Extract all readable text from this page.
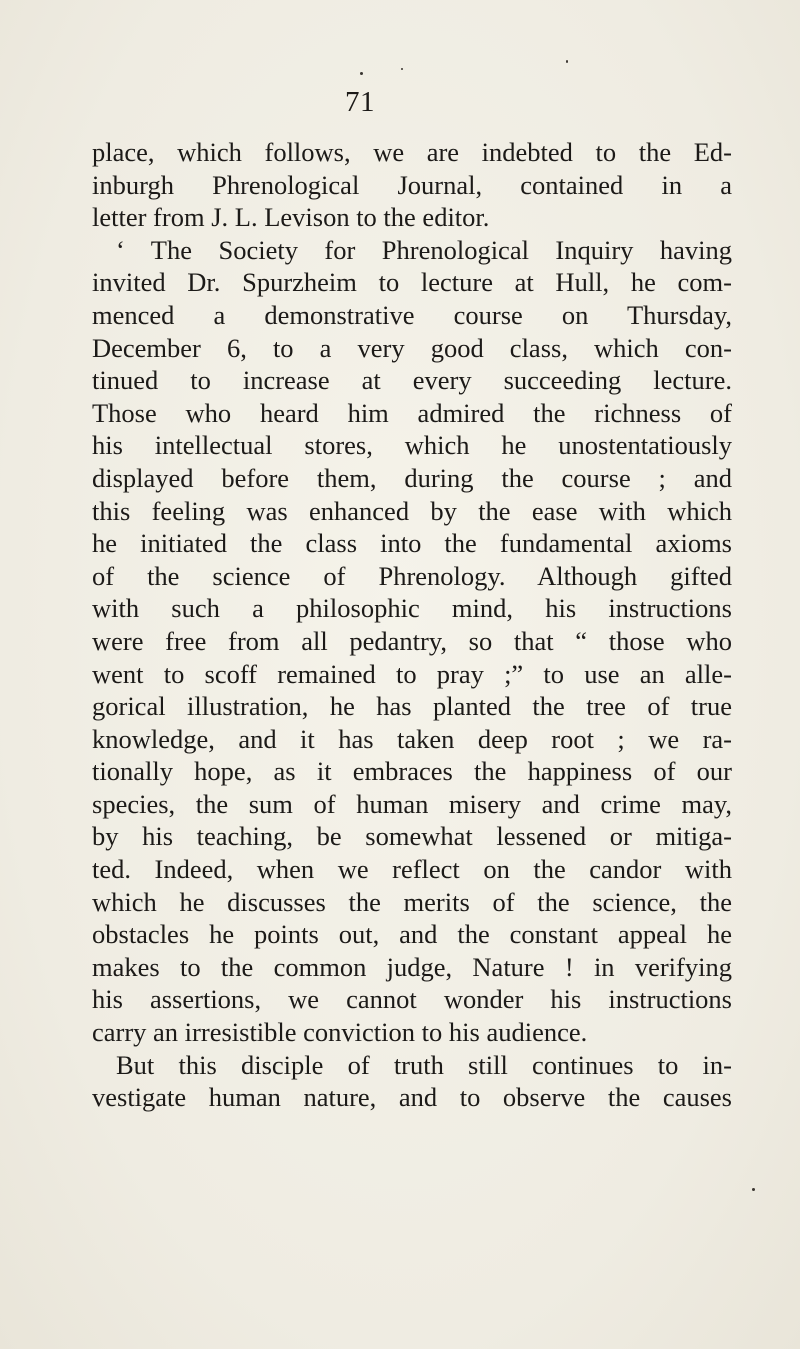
71
place, which follows, we are indebted to the Ed-
inburgh Phrenological Journal, contained in a
letter from J. L. Levison to the editor.
‘ The Society for Phrenological Inquiry having
invited Dr. Spurzheim to lecture at Hull, he com-
menced a demonstrative course on Thursday,
December 6, to a very good class, which con-
tinued to increase at every succeeding lecture.
Those who heard him admired the richness of
his intellectual stores, which he unostentatiously
displayed before them, during the course ; and
this feeling was enhanced by the ease with which
he initiated the class into the fundamental axioms
of the science of Phrenology. Although gifted
with such a philosophic mind, his instructions
were free from all pedantry, so that “ those who
went to scoff remained to pray ;” to use an alle-
gorical illustration, he has planted the tree of true
knowledge, and it has taken deep root ; we ra-
tionally hope, as it embraces the happiness of our
species, the sum of human misery and crime may,
by his teaching, be somewhat lessened or mitiga-
ted. Indeed, when we reflect on the candor with
which he discusses the merits of the science, the
obstacles he points out, and the constant appeal he
makes to the common judge, Nature ! in verifying
his assertions, we cannot wonder his instructions
carry an irresistible conviction to his audience.
But this disciple of truth still continues to in-
vestigate human nature, and to observe the causes
